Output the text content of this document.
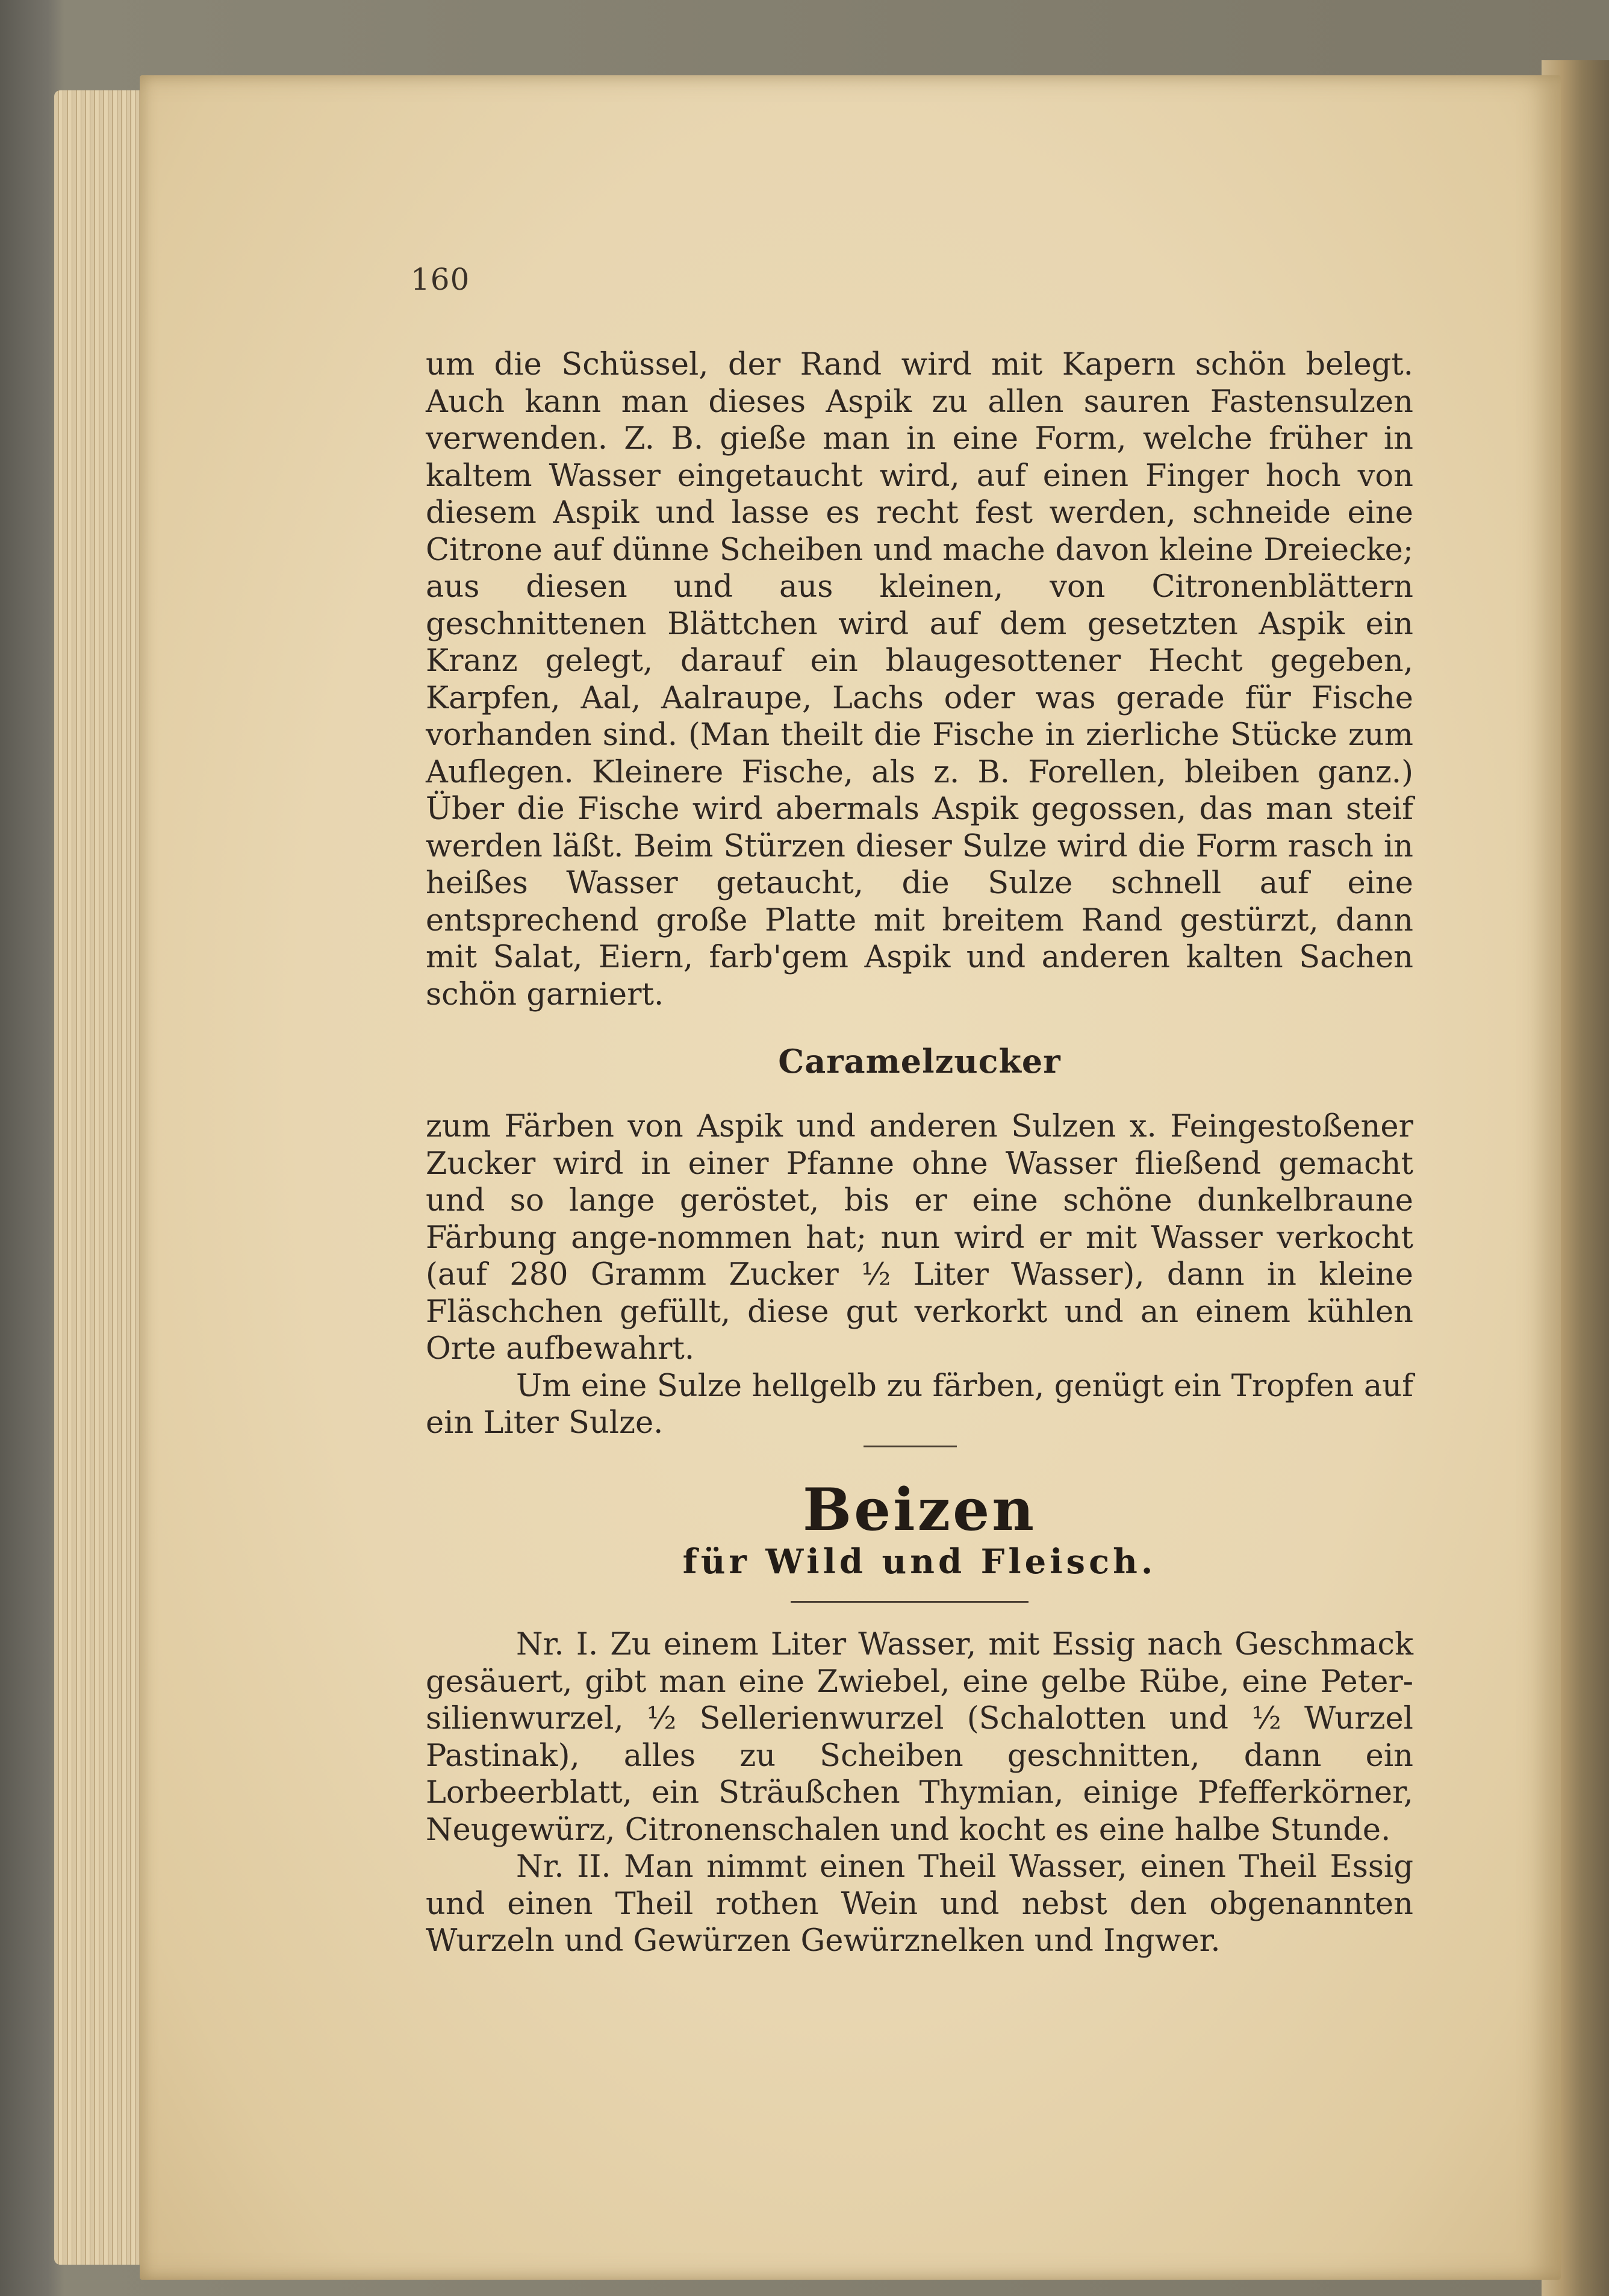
160
um die Schüssel, der Rand wird mit Kapern schön belegt. Auch kann man dieses Aspik zu allen sauren Fastensulzen verwenden. Z. B. gieße man in eine Form, welche früher in kaltem Wasser eingetaucht wird, auf einen Finger hoch von diesem Aspik und lasse es recht fest werden, schneide eine Citrone auf dünne Scheiben und mache davon kleine Dreiecke; aus diesen und aus kleinen, von Citronenblättern geschnittenen Blättchen wird auf dem gesetzten Aspik ein Kranz gelegt, darauf ein blaugesottener Hecht gegeben, Karpfen, Aal, Aalraupe, Lachs oder was gerade für Fische vorhanden sind. (Man theilt die Fische in zierliche Stücke zum Auflegen. Kleinere Fische, als z. B. Forellen, bleiben ganz.) Über die Fische wird abermals Aspik gegossen, das man steif werden läßt. Beim Stürzen dieser Sulze wird die Form rasch in heißes Wasser getaucht, die Sulze schnell auf eine entsprechend große Platte mit breitem Rand gestürzt, dann mit Salat, Eiern, farb'gem Aspik und anderen kalten Sachen schön garniert.
Caramelzucker
zum Färben von Aspik und anderen Sulzen x. Feingestoßener Zucker wird in einer Pfanne ohne Wasser fließend gemacht und so lange geröstet, bis er eine schöne dunkelbraune Färbung ange-nommen hat; nun wird er mit Wasser verkocht (auf 280 Gramm Zucker ½ Liter Wasser), dann in kleine Fläschchen gefüllt, diese gut verkorkt und an einem kühlen Orte aufbewahrt.
Um eine Sulze hellgelb zu färben, genügt ein Tropfen auf ein Liter Sulze.
Beizen
für Wild und Fleisch.
Nr. I. Zu einem Liter Wasser, mit Essig nach Geschmack gesäuert, gibt man eine Zwiebel, eine gelbe Rübe, eine Peter-silienwurzel, ½ Sellerienwurzel (Schalotten und ½ Wurzel Pastinak), alles zu Scheiben geschnitten, dann ein Lorbeerblatt, ein Sträußchen Thymian, einige Pfefferkörner, Neugewürz, Citronenschalen und kocht es eine halbe Stunde.
Nr. II. Man nimmt einen Theil Wasser, einen Theil Essig und einen Theil rothen Wein und nebst den obgenannten Wurzeln und Gewürzen Gewürznelken und Ingwer.
